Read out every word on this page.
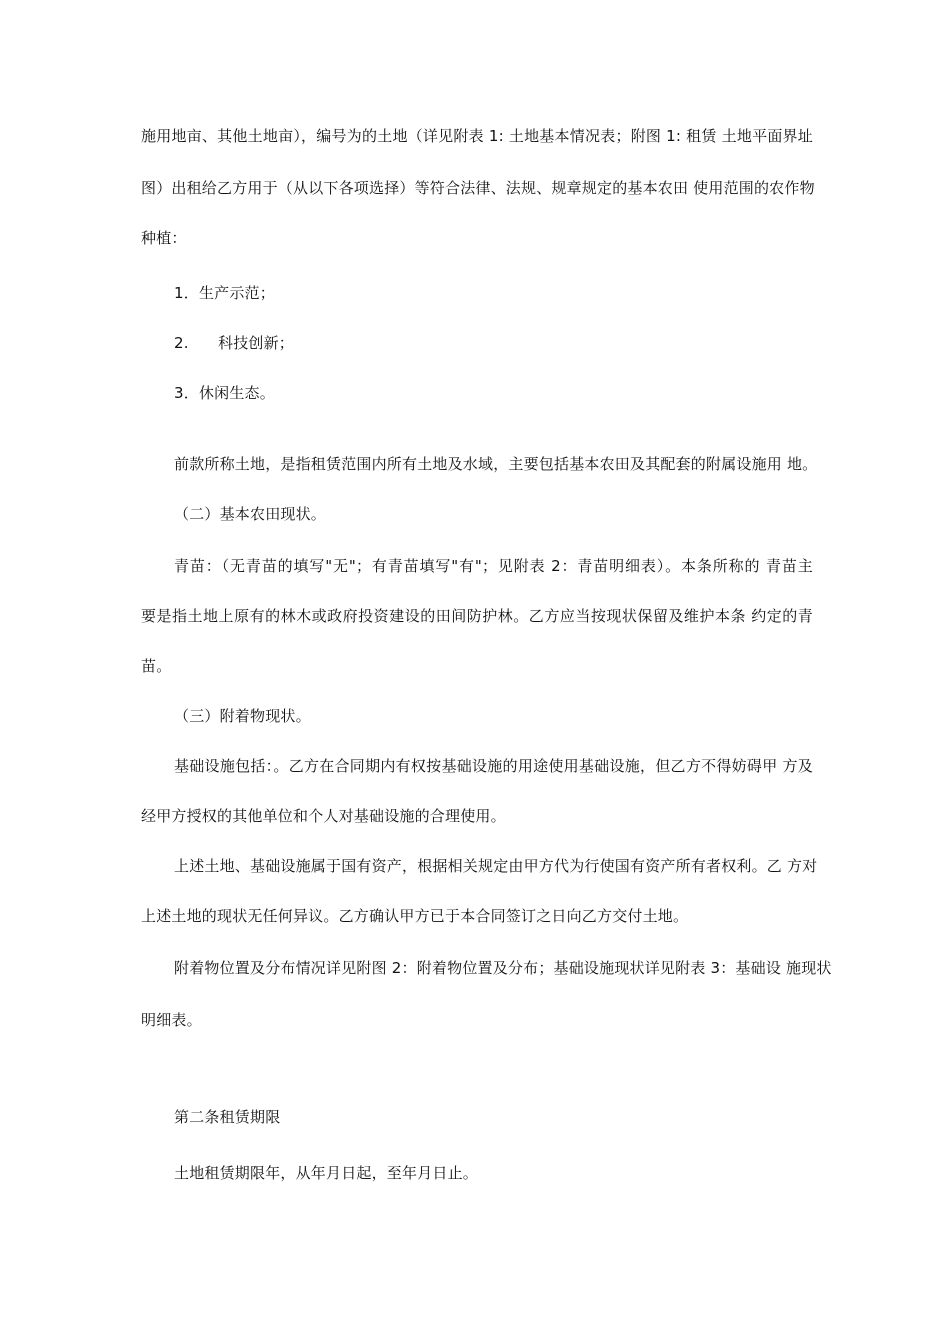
施用地亩、其他土地亩），编号为的土地（详见附表 1: 土地基本情况表；附图 1: 租赁 土地平面界址
图）出租给乙方用于（从以下各项选择）等符合法律、法规、规章规定的基本农田 使用范围的农作物
种植：
1．生产示范；
2. 科技创新；
3．休闲生态。
前款所称土地，是指租赁范围内所有土地及水域，主要包括基本农田及其配套的附属设施用 地。
（二）基本农田现状。
青苗：（无青苗的填写"无"；有青苗填写"有"；见附表 2：青苗明细表）。本条所称的 青苗主
要是指土地上原有的林木或政府投资建设的田间防护林。乙方应当按现状保留及维护本条 约定的青
苗。
（三）附着物现状。
基础设施包括：。乙方在合同期内有权按基础设施的用途使用基础设施，但乙方不得妨碍甲 方及
经甲方授权的其他单位和个人对基础设施的合理使用。
上述土地、基础设施属于国有资产，根据相关规定由甲方代为行使国有资产所有者权利。乙 方对
上述土地的现状无任何异议。乙方确认甲方已于本合同签订之日向乙方交付土地。
附着物位置及分布情况详见附图 2：附着物位置及分布；基础设施现状详见附表 3：基础设 施现状
明细表。
第二条租赁期限
土地租赁期限年，从年月日起，至年月日止。
